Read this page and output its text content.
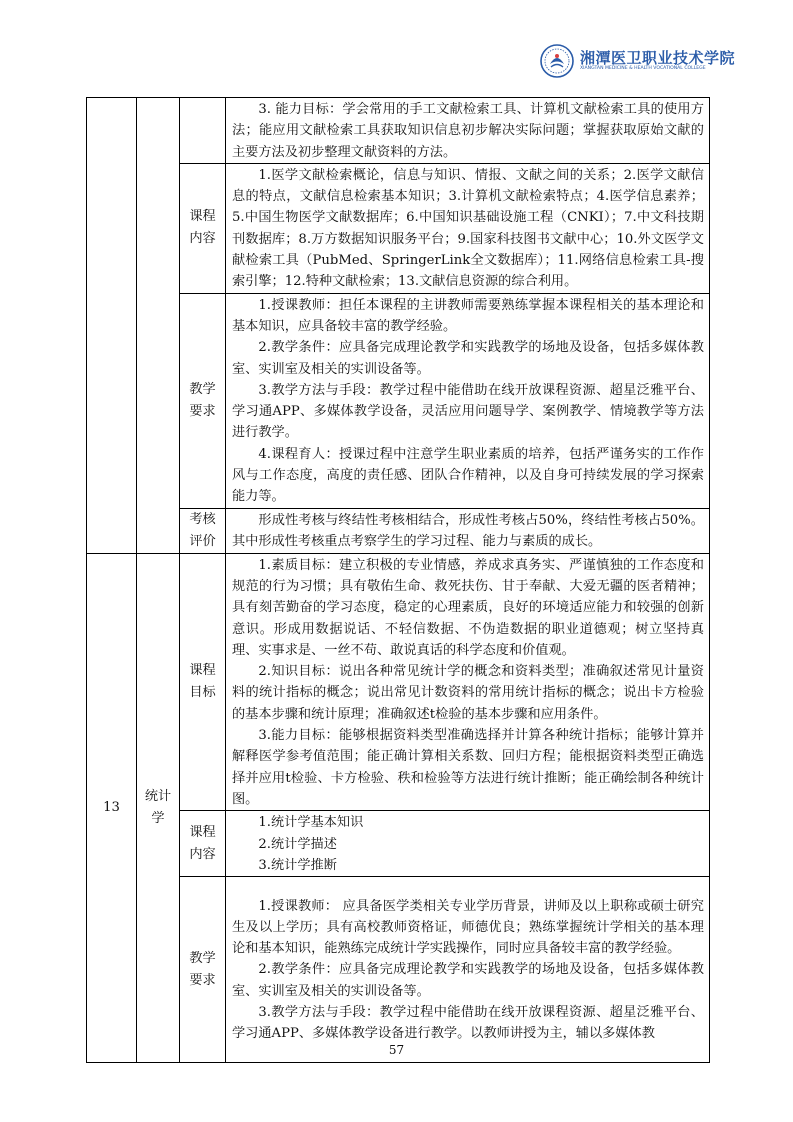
湘潭医卫职业技术学院
XIANGTAN MEDICINE & HEALTH VOCATIONAL COLLEGE

			3. 能力目标：学会常用的手工文献检索工具、计算机文献检索工具的使用方法；能应用文献检索工具获取知识信息初步解决实际问题；掌握获取原始文献的主要方法及初步整理文献资料的方法。

		课程内容	1.医学文献检索概论，信息与知识、情报、文献之间的关系；2.医学文献信息的特点，文献信息检索基本知识；3.计算机文献检索特点；4.医学信息素养；5.中国生物医学文献数据库；6.中国知识基础设施工程（CNKI）；7.中文科技期刊数据库；8.万方数据知识服务平台；9.国家科技图书文献中心；10.外文医学文献检索工具（PubMed、SpringerLink全文数据库）；11.网络信息检索工具-搜索引擎；12.特种文献检索；13.文献信息资源的综合利用。

		教学要求	1.授课教师：担任本课程的主讲教师需要熟练掌握本课程相关的基本理论和基本知识，应具备较丰富的教学经验。

2.教学条件：应具备完成理论教学和实践教学的场地及设备，包括多媒体教室、实训室及相关的实训设备等。

3.教学方法与手段：教学过程中能借助在线开放课程资源、超星泛雅平台、学习通APP、多媒体教学设备，灵活应用问题导学、案例教学、情境教学等方法进行教学。

4.课程育人：授课过程中注意学生职业素质的培养，包括严谨务实的工作作风与工作态度，高度的责任感、团队合作精神，以及自身可持续发展的学习探索能力等。

		考核评价	形成性考核与终结性考核相结合，形成性考核占50%，终结性考核占50%。其中形成性考核重点考察学生的学习过程、能力与素质的成长。

13	统计学	课程目标	1.素质目标：建立积极的专业情感，养成求真务实、严谨慎独的工作态度和规范的行为习惯；具有敬佑生命、救死扶伤、甘于奉献、大爱无疆的医者精神；具有刻苦勤奋的学习态度，稳定的心理素质，良好的环境适应能力和较强的创新意识。形成用数据说话、不轻信数据、不伪造数据的职业道德观；树立坚持真理、实事求是、一丝不苟、敢说真话的科学态度和价值观。

2.知识目标：说出各种常见统计学的概念和资料类型；准确叙述常见计量资料的统计指标的概念；说出常见计数资料的常用统计指标的概念；说出卡方检验的基本步骤和统计原理；准确叙述t检验的基本步骤和应用条件。

3.能力目标：能够根据资料类型准确选择并计算各种统计指标；能够计算并解释医学参考值范围；能正确计算相关系数、回归方程；能根据资料类型正确选择并应用t检验、卡方检验、秩和检验等方法进行统计推断；能正确绘制各种统计图。

		课程内容	1.统计学基本知识

2.统计学描述

3.统计学推断

		教学要求	1.授课教师： 应具备医学类相关专业学历背景，讲师及以上职称或硕士研究生及以上学历；具有高校教师资格证，师德优良；熟练掌握统计学相关的基本理论和基本知识，能熟练完成统计学实践操作，同时应具备较丰富的教学经验。

2.教学条件：应具备完成理论教学和实践教学的场地及设备，包括多媒体教室、实训室及相关的实训设备等。

3.教学方法与手段：教学过程中能借助在线开放课程资源、超星泛雅平台、学习通APP、多媒体教学设备进行教学。以教师讲授为主，辅以多媒体教

57
